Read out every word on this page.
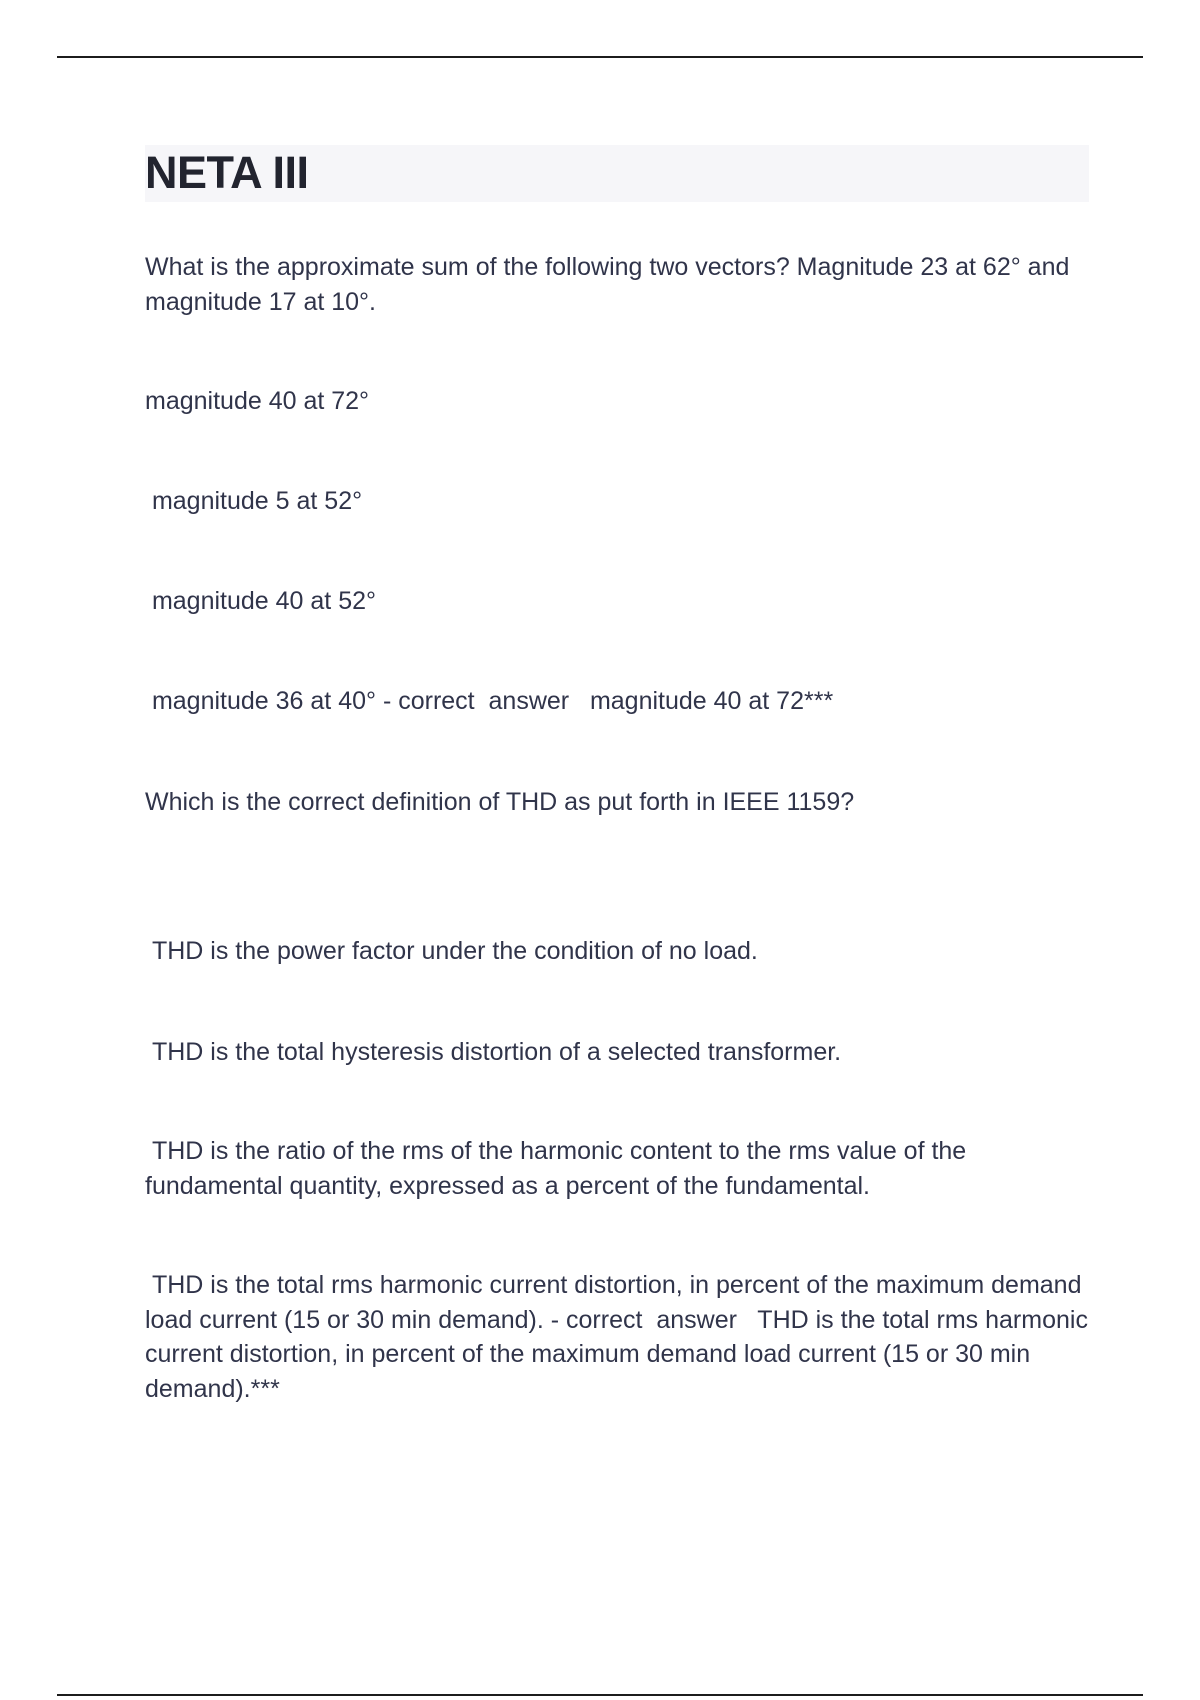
NETA III

What is the approximate sum of the following two vectors? Magnitude 23 at 62° and magnitude 17 at 10°.

magnitude 40 at 72°

magnitude 5 at 52°

magnitude 40 at 52°

magnitude 36 at 40° - correct  answer   magnitude 40 at 72***

Which is the correct definition of THD as put forth in IEEE 1159?

THD is the power factor under the condition of no load.

THD is the total hysteresis distortion of a selected transformer.

THD is the ratio of the rms of the harmonic content to the rms value of the fundamental quantity, expressed as a percent of the fundamental.

THD is the total rms harmonic current distortion, in percent of the maximum demand load current (15 or 30 min demand). - correct  answer   THD is the total rms harmonic current distortion, in percent of the maximum demand load current (15 or 30 min demand).***
